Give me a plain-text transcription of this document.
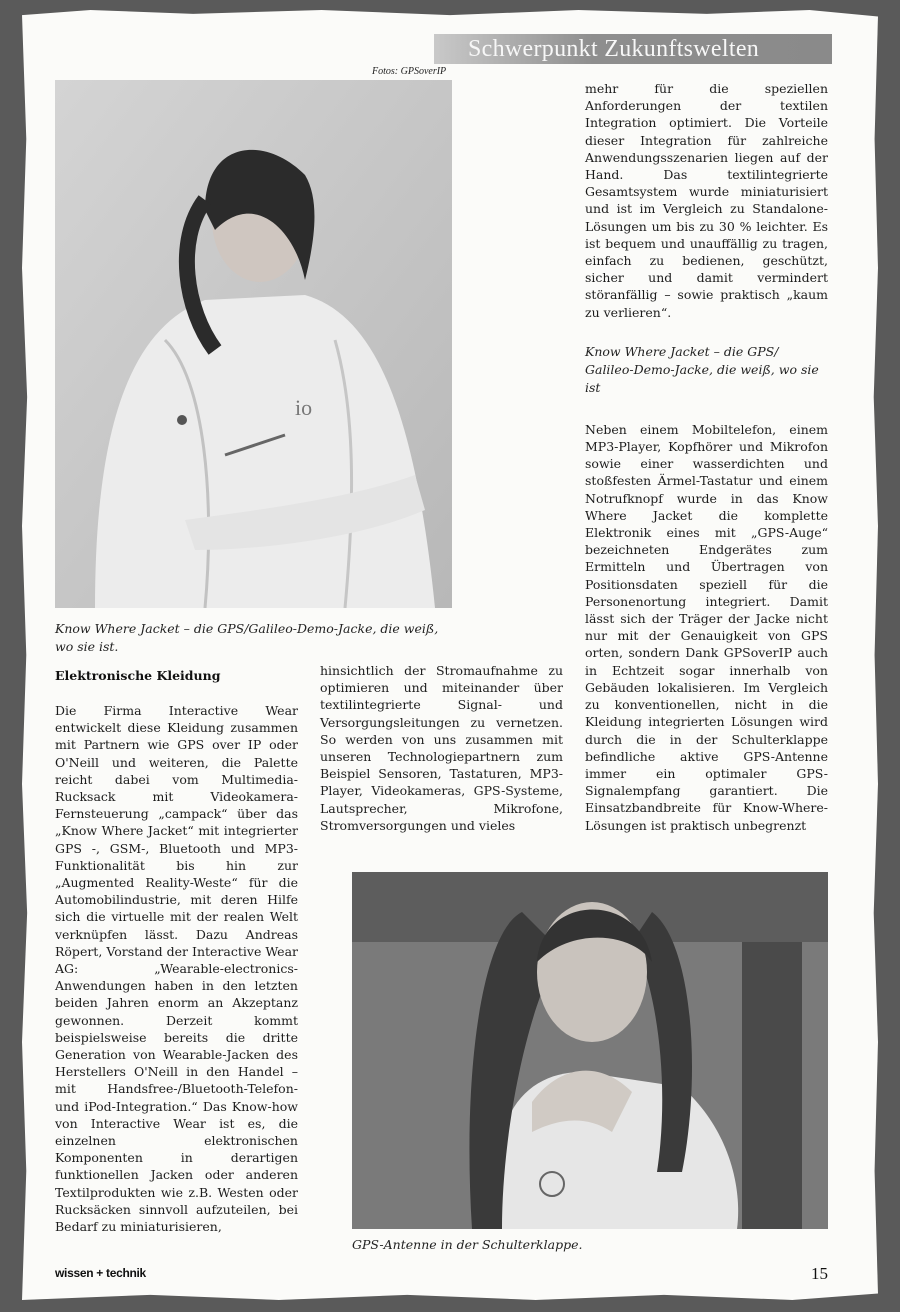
Schwerpunkt Zukunftswelten
Fotos: GPSoverIP
io
Know Where Jacket – die GPS/Galileo-Demo-Jacke, die weiß, wo sie ist.
Elektronische Kleidung

Die Firma Interactive Wear entwickelt diese Kleidung zusammen mit Partnern wie GPS over IP oder O'Neill und weiteren, die Palette reicht dabei vom Multimedia-Rucksack mit Videokamera-Fernsteuerung „campack“ über das „Know Where Jacket“ mit integrierter GPS -, GSM-, Bluetooth und MP3-Funktionalität bis hin zur „Augmented Reality-Weste“ für die Automobilindustrie, mit deren Hilfe sich die virtuelle mit der realen Welt verknüpfen lässt. Dazu Andreas Röpert, Vorstand der Interactive Wear AG: „Wearable-electronics-Anwendungen haben in den letzten beiden Jahren enorm an Akzeptanz gewonnen. Derzeit kommt beispielsweise bereits die dritte Generation von Wearable-Jacken des Herstellers O'Neill in den Handel – mit Handsfree-/Bluetooth-Telefon- und iPod-Integration.“ Das Know-how von Interactive Wear ist es, die einzelnen elektronischen Komponenten in derartigen funktionellen Jacken oder anderen Textilprodukten wie z.B. Westen oder Rucksäcken sinnvoll aufzuteilen, bei Bedarf zu miniaturisieren,

hinsichtlich der Stromaufnahme zu optimieren und miteinander über textilintegrierte Signal- und Versorgungsleitungen zu vernetzen. So werden von uns zusammen mit unseren Technologiepartnern zum Beispiel Sensoren, Tastaturen, MP3-Player, Videokameras, GPS-Systeme, Lautsprecher, Mikrofone, Stromversorgungen und vieles

mehr für die speziellen Anforderungen der textilen Integration optimiert. Die Vorteile dieser Integration für zahlreiche Anwendungsszenarien liegen auf der Hand. Das textilintegrierte Gesamtsystem wurde miniaturisiert und ist im Vergleich zu Standalone-Lösungen um bis zu 30 % leichter. Es ist bequem und unauffällig zu tragen, einfach zu bedienen, geschützt, sicher und damit vermindert störanfällig – sowie praktisch „kaum zu verlieren“.

Know Where Jacket – die GPS/ Galileo-Demo-Jacke, die weiß, wo sie ist

Neben einem Mobiltelefon, einem MP3-Player, Kopfhörer und Mikrofon sowie einer wasserdichten und stoßfesten Ärmel-Tastatur und einem Notrufknopf wurde in das Know Where Jacket die komplette Elektronik eines mit „GPS-Auge“ bezeichneten Endgerätes zum Ermitteln und Übertragen von Positionsdaten speziell für die Personenortung integriert. Damit lässt sich der Träger der Jacke nicht nur mit der Genauigkeit von GPS orten, sondern Dank GPSoverIP auch in Echtzeit sogar innerhalb von Gebäuden lokalisieren. Im Vergleich zu konventionellen, nicht in die Kleidung integrierten Lösungen wird durch die in der Schulterklappe befindliche aktive GPS-Antenne immer ein optimaler GPS-Signalempfang garantiert. Die Einsatzbandbreite für Know-Where-Lösungen ist praktisch unbegrenzt

GPS-Antenne in der Schulterklappe.
wissen + technik	15
